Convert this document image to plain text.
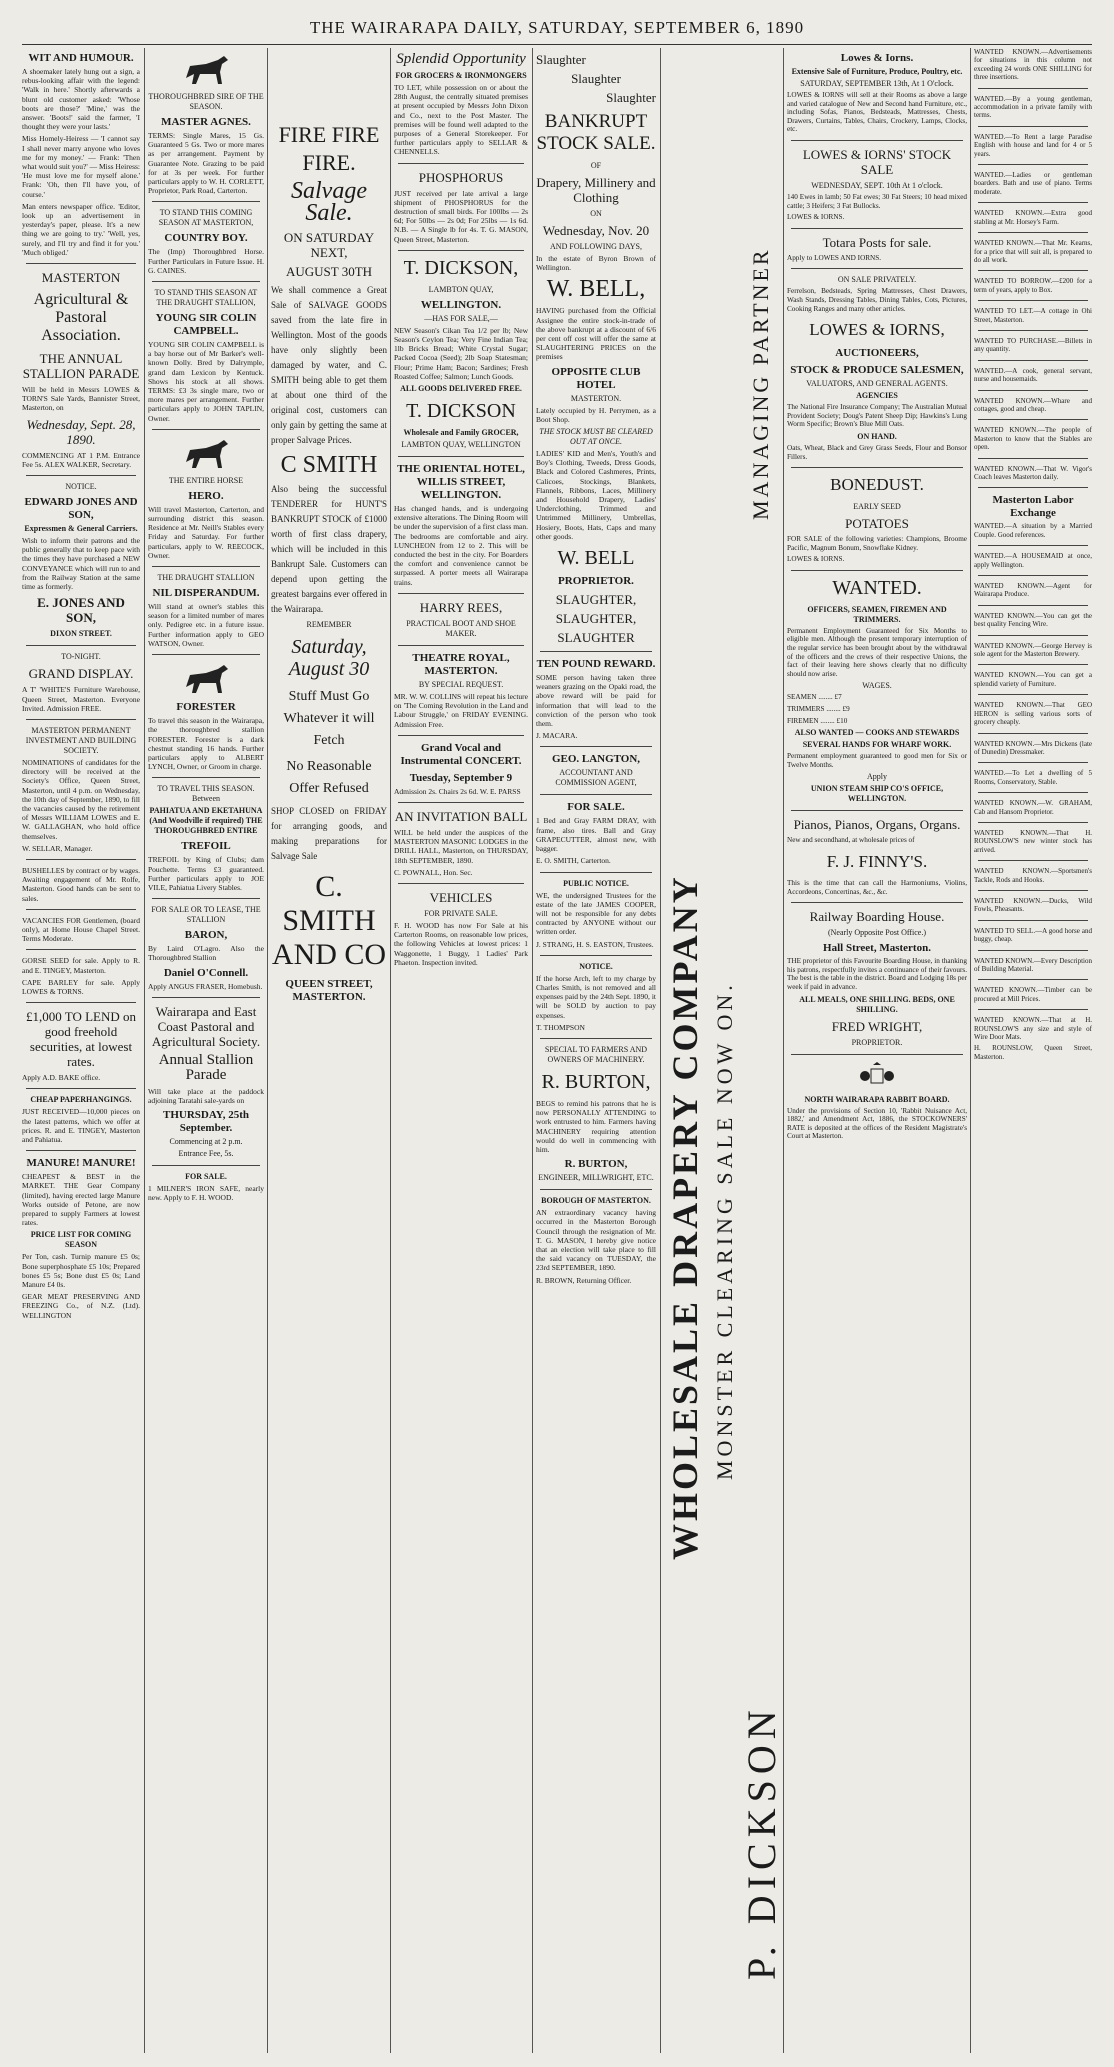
THE WAIRARAPA DAILY, SATURDAY, SEPTEMBER 6, 1890
WIT AND HUMOUR.

A shoemaker lately hung out a sign, a rebus-looking affair with the legend: 'Walk in here.' Shortly afterwards a blunt old customer asked: 'Whose boots are those?' 'Mine,' was the answer. 'Boots!' said the farmer, 'I thought they were your lasts.'

Miss Homely-Heiress — 'I cannot say I shall never marry anyone who loves me for my money.' — Frank: 'Then what would suit you?' — Miss Heiress: 'He must love me for myself alone.' Frank: 'Oh, then I'll have you, of course.'

Man enters newspaper office. 'Editor, look up an advertisement in yesterday's paper, please. It's a new thing we are going to try.' 'Well, yes, surely, and I'll try and find it for you.' 'Much obliged.'

MASTERTON
Agricultural & Pastoral Association.
THE ANNUAL STALLION PARADE

Will be held in Messrs LOWES & TORN'S Sale Yards, Bannister Street, Masterton, on

Wednesday, Sept. 28, 1890.

COMMENCING AT 1 P.M. Entrance Fee 5s. ALEX WALKER, Secretary.

NOTICE.
EDWARD JONES AND SON,
Expressmen & General Carriers.

Wish to inform their patrons and the public generally that to keep pace with the times they have purchased a NEW CONVEYANCE which will run to and from the Railway Station at the same time as formerly.

E. JONES AND SON,
DIXON STREET.
TO-NIGHT.
GRAND DISPLAY.

A T' 'WHITE'S Furniture Warehouse, Queen Street, Masterton. Everyone Invited. Admission FREE.

MASTERTON PERMANENT INVESTMENT AND BUILDING SOCIETY.

NOMINATIONS of candidates for the directory will be received at the Society's Office, Queen Street, Masterton, until 4 p.m. on Wednesday, the 10th day of September, 1890, to fill the vacancies caused by the retirement of Messrs WILLIAM LOWES and E. W. GALLAGHAN, who hold office themselves.

W. SELLAR, Manager.

BUSHELLES by contract or by wages. Awaiting engagement of Mr. Rolfe, Masterton. Good hands can be sent to sales.

VACANCIES FOR Gentlemen, (board only), at Home House Chapel Street. Terms Moderate.

GORSE SEED for sale. Apply to R. and E. TINGEY, Masterton.

CAPE BARLEY for sale. Apply LOWES & TORNS.

£1,000 TO LEND on good freehold securities, at lowest rates.

Apply A.D. BAKE office.

CHEAP PAPERHANGINGS.

JUST RECEIVED—10,000 pieces on the latest patterns, which we offer at prices. R. and E. TINGEY, Masterton and Pahiatua.

MANURE! MANURE!

CHEAPEST & BEST in the MARKET. THE Gear Company (limited), having erected large Manure Works outside of Petone, are now prepared to supply Farmers at lowest rates.

PRICE LIST FOR COMING SEASON

Per Ton, cash. Turnip manure £5 0s; Bone superphosphate £5 10s; Prepared bones £5 5s; Bone dust £5 0s; Land Manure £4 0s.

GEAR MEAT PRESERVING AND FREEZING Co., of N.Z. (Ltd). WELLINGTON

THOROUGHBRED SIRE OF THE SEASON.
MASTER AGNES.

TERMS: Single Mares, 15 Gs. Guaranteed 5 Gs. Two or more mares as per arrangement. Payment by Guarantee Note. Grazing to be paid for at 3s per week. For further particulars apply to W. H. CORLETT, Proprietor, Park Road, Carterton.

TO STAND THIS COMING SEASON AT MASTERTON,
COUNTRY BOY.

The (Imp) Thoroughbred Horse. Further Particulars in Future Issue. H. G. CAINES.

TO STAND THIS SEASON AT THE DRAUGHT STALLION,
YOUNG SIR COLIN CAMPBELL.

YOUNG SIR COLIN CAMPBELL is a bay horse out of Mr Barker's well-known Dolly. Bred by Dalrymple, grand dam Lexicon by Kentuck. Shows his stock at all shows. TERMS: £3 3s single mare, two or more mares per arrangement. Further particulars apply to JOHN TAPLIN, Owner.

THE ENTIRE HORSE
HERO.

Will travel Masterton, Carterton, and surrounding district this season. Residence at Mr. Neill's Stables every Friday and Saturday. For further particulars, apply to W. REECOCK, Owner.

THE DRAUGHT STALLION
NIL DISPERANDUM.

Will stand at owner's stables this season for a limited number of mares only. Pedigree etc. in a future issue. Further information apply to GEO WATSON, Owner.

FORESTER

To travel this season in the Wairarapa, the thoroughbred stallion FORESTER. Forester is a dark chestnut standing 16 hands. Further particulars apply to ALBERT LYNCH, Owner, or Groom in charge.

TO TRAVEL THIS SEASON. Between
PAHIATUA AND EKETAHUNA (And Woodville if required) THE THOROUGHBRED ENTIRE
TREFOIL

TREFOIL by King of Clubs; dam Pouchette. Terms £3 guaranteed. Further particulars apply to JOE VILE, Pahiatua Livery Stables.

FOR SALE OR TO LEASE, THE STALLION
BARON,

By Laird O'Lagro. Also the Thoroughbred Stallion

Daniel O'Connell.

Apply ANGUS FRASER, Homebush.

Wairarapa and East Coast Pastoral and Agricultural Society.
Annual Stallion Parade

Will take place at the paddock adjoining Taratahi sale-yards on

THURSDAY, 25th September.
Commencing at 2 p.m.
Entrance Fee, 5s.
FOR SALE.

1 MILNER'S IRON SAFE, nearly new. Apply to F. H. WOOD.

FIRE FIRE
FIRE.
Salvage Sale.
ON SATURDAY NEXT,
AUGUST 30TH

We shall commence a Great Sale of SALVAGE GOODS saved from the late fire in Wellington. Most of the goods have only slightly been damaged by water, and C. SMITH being able to get them at about one third of the original cost, customers can only gain by getting the same at proper Salvage Prices.

C SMITH

Also being the successful TENDERER for HUNT'S BANKRUPT STOCK of £1000 worth of first class drapery, which will be included in this Bankrupt Sale. Customers can depend upon getting the greatest bargains ever offered in the Wairarapa.

REMEMBER
Saturday, August 30
Stuff Must Go Whatever it will Fetch
No Reasonable Offer Refused

SHOP CLOSED on FRIDAY for arranging goods, and making preparations for Salvage Sale

C. SMITH AND CO
QUEEN STREET, MASTERTON.
Splendid Opportunity
FOR GROCERS & IRONMONGERS

TO LET, while possession on or about the 28th August, the centrally situated premises at present occupied by Messrs John Dixon and Co., next to the Post Master. The premises will be found well adapted to the purposes of a General Storekeeper. For further particulars apply to SELLAR & CHENNELLS.

PHOSPHORUS

JUST received per late arrival a large shipment of PHOSPHORUS for the destruction of small birds. For 100lbs — 2s 6d; For 50lbs — 2s 0d; For 25lbs — 1s 6d. N.B. — A Single lb for 4s. T. G. MASON, Queen Street, Masterton.

T. DICKSON,
LAMBTON QUAY,
WELLINGTON.
—HAS FOR SALE,—

NEW Season's Cikan Tea 1/2 per lb; New Season's Ceylon Tea; Very Fine Indian Tea; 1lb Bricks Bread; White Crystal Sugar; Packed Cocoa (Seed); 2lb Soap Statesman; Flour; Prime Ham; Bacon; Sardines; Fresh Roasted Coffee; Salmon; Lunch Goods.

ALL GOODS DELIVERED FREE.
T. DICKSON
Wholesale and Family GROCER,
LAMBTON QUAY, WELLINGTON
THE ORIENTAL HOTEL, WILLIS STREET, WELLINGTON.

Has changed hands, and is undergoing extensive alterations. The Dining Room will be under the supervision of a first class man. The bedrooms are comfortable and airy. LUNCHEON from 12 to 2. This will be conducted the best in the city. For Boarders the comfort and convenience cannot be surpassed. A porter meets all Wairarapa trains.

HARRY REES,
PRACTICAL BOOT AND SHOE MAKER.
THEATRE ROYAL, MASTERTON.
BY SPECIAL REQUEST.

MR. W. W. COLLINS will repeat his lecture on 'The Coming Revolution in the Land and Labour Struggle,' on FRIDAY EVENING. Admission Free.

Grand Vocal and Instrumental CONCERT.
Tuesday, September 9

Admission 2s. Chairs 2s 6d. W. E. PARSS

AN INVITATION BALL

WILL be held under the auspices of the MASTERTON MASONIC LODGES in the DRILL HALL, Masterton, on THURSDAY, 18th SEPTEMBER, 1890.

C. POWNALL, Hon. Sec.

VEHICLES
FOR PRIVATE SALE.

F. H. WOOD has now For Sale at his Carterton Rooms, on reasonable low prices, the following Vehicles at lowest prices: 1 Waggonette, 1 Buggy, 1 Ladies' Park Phaeton. Inspection invited.

Slaughter
Slaughter
Slaughter
BANKRUPT STOCK SALE.
OF
Drapery, Millinery and Clothing
ON
Wednesday, Nov. 20
AND FOLLOWING DAYS,

In the estate of Byron Brown of Wellington.

W. BELL,

HAVING purchased from the Official Assignee the entire stock-in-trade of the above bankrupt at a discount of 6/6 per cent off cost will offer the same at SLAUGHTERING PRICES on the premises

OPPOSITE CLUB HOTEL
MASTERTON.

Lately occupied by H. Perrymen, as a Boot Shop.

THE STOCK MUST BE CLEARED OUT AT ONCE.

LADIES' KID and Men's, Youth's and Boy's Clothing, Tweeds, Dress Goods, Black and Colored Cashmeres, Prints, Calicoes, Stockings, Blankets, Flannels, Ribbons, Laces, Millinery and Household Drapery, Ladies' Underclothing, Trimmed and Untrimmed Millinery, Umbrellas, Hosiery, Boots, Hats, Caps and many other goods.

W. BELL
PROPRIETOR.
SLAUGHTER,
SLAUGHTER,
SLAUGHTER
TEN POUND REWARD.

SOME person having taken three weaners grazing on the Opaki road, the above reward will be paid for information that will lead to the conviction of the person who took them.

J. MACARA.

GEO. LANGTON,
ACCOUNTANT AND COMMISSION AGENT,
FOR SALE.

1 Bed and Gray FARM DRAY, with frame, also tires. Ball and Gray GRAPECUTTER, almost new, with bagger.

E. O. SMITH, Carterton.

PUBLIC NOTICE.

WE, the undersigned Trustees for the estate of the late JAMES COOPER, will not be responsible for any debts contracted by ANYONE without our written order.

J. STRANG, H. S. EASTON, Trustees.

NOTICE.

If the horse Arch, left to my charge by Charles Smith, is not removed and all expenses paid by the 24th Sept. 1890, it will be SOLD by auction to pay expenses.

T. THOMPSON

SPECIAL TO FARMERS AND OWNERS OF MACHINERY.
R. BURTON,

BEGS to remind his patrons that he is now PERSONALLY ATTENDING to work entrusted to him. Farmers having MACHINERY requiring attention would do well in commencing with him.

R. BURTON,
ENGINEER, MILLWRIGHT, ETC.
BOROUGH OF MASTERTON.

AN extraordinary vacancy having occurred in the Masterton Borough Council through the resignation of Mr. T. G. MASON, I hereby give notice that an election will take place to fill the said vacancy on TUESDAY, the 23rd SEPTEMBER, 1890.

R. BROWN, Returning Officer. WHOLESALE DRAPERY COMPANY MONSTER CLEARING SALE NOW ON.
P. DICKSON
MANAGING PARTNER
Lowes & Iorns.
Extensive Sale of Furniture, Produce, Poultry, etc.
SATURDAY, SEPTEMBER 13th, At 1 O'clock.

LOWES & IORNS will sell at their Rooms as above a large and varied catalogue of New and Second hand Furniture, etc., including Sofas, Pianos, Bedsteads, Mattresses, Chests, Drawers, Curtains, Tables, Chairs, Crockery, Lamps, Clocks, etc.

LOWES & IORNS' STOCK SALE
WEDNESDAY, SEPT. 10th At 1 o'clock.

140 Ewes in lamb; 50 Fat ewes; 30 Fat Steers; 10 head mixed cattle; 3 Heifers; 3 Fat Bullocks.

LOWES & IORNS.

Totara Posts for sale.

Apply to LOWES AND IORNS.

ON SALE PRIVATELY.

Ferrelson, Bedsteads, Spring Mattresses, Chest Drawers, Wash Stands, Dressing Tables, Dining Tables, Cots, Pictures, Cooking Ranges and many other articles.

LOWES & IORNS,
AUCTIONEERS,
STOCK & PRODUCE SALESMEN,
VALUATORS, AND GENERAL AGENTS.
AGENCIES

The National Fire Insurance Company; The Australian Mutual Provident Society; Doug's Patent Sheep Dip; Hawkins's Lung Worm Specific; Brown's Blue Mill Oats.

ON HAND.

Oats, Wheat, Black and Grey Grass Seeds, Flour and Bonsor Fillers.

BONEDUST.
EARLY SEED
POTATOES

FOR SALE of the following varieties: Champions, Broome Pacific, Magnum Bonum, Snowflake Kidney.

LOWES & IORNS.

WANTED.
OFFICERS, SEAMEN, FIREMEN AND TRIMMERS.

Permanent Employment Guaranteed for Six Months to eligible men. Although the present temporary interruption of the regular service has been brought about by the withdrawal of the officers and the crews of their respective Unions, the fact of their leaving here shows clearly that no difficulty should now arise.

WAGES.

SEAMEN ........ £7

TRIMMERS ........ £9

FIREMEN ........ £10

ALSO WANTED — COOKS AND STEWARDS
SEVERAL HANDS FOR WHARF WORK.

Permanent employment guaranteed to good men for Six or Twelve Months.

Apply
UNION STEAM SHIP CO'S OFFICE, WELLINGTON.
Pianos, Pianos, Organs, Organs.

New and secondhand, at wholesale prices of

F. J. FINNY'S.

This is the time that can call the Harmoniums, Violins, Accordeons, Concertinas, &c., &c.

Railway Boarding House.
(Nearly Opposite Post Office.)
Hall Street, Masterton.

THE proprietor of this Favourite Boarding House, in thanking his patrons, respectfully invites a continuance of their favours. The best is the table in the district. Board and Lodging 18s per week if paid in advance.

ALL MEALS, ONE SHILLING. BEDS, ONE SHILLING.
FRED WRIGHT,
PROPRIETOR.
NORTH WAIRARAPA RABBIT BOARD.

Under the provisions of Section 10, 'Rabbit Nuisance Act, 1882,' and Amendment Act, 1886, the STOCKOWNERS' RATE is deposited at the offices of the Resident Magistrate's Court at Masterton.

WANTED KNOWN.—Advertisements for situations in this column not exceeding 24 words ONE SHILLING for three insertions.

WANTED.—By a young gentleman, accommodation in a private family with terms.

WANTED.—To Rent a large Paradise English with house and land for 4 or 5 years.

WANTED.—Ladies or gentleman boarders. Bath and use of piano. Terms moderate.

WANTED KNOWN.—Extra good stabling at Mr. Horsey's Farm.

WANTED KNOWN.—That Mr. Kearns, for a price that will suit all, is prepared to do all work.

WANTED TO BORROW.—£200 for a term of years, apply to Box.

WANTED TO LET.—A cottage in Ohi Street, Masterton.

WANTED TO PURCHASE.—Billets in any quantity.

WANTED.—A cook, general servant, nurse and housemaids.

WANTED KNOWN.—Whare and cottages, good and cheap.

WANTED KNOWN.—The people of Masterton to know that the Stables are open.

WANTED KNOWN.—That W. Vigor's Coach leaves Masterton daily.

Masterton Labor Exchange

WANTED.—A situation by a Married Couple. Good references.

WANTED.—A HOUSEMAID at once, apply Wellington.

WANTED KNOWN.—Agent for Wairarapa Produce.

WANTED KNOWN.—You can get the best quality Fencing Wire.

WANTED KNOWN.—George Hervey is sole agent for the Masterton Brewery.

WANTED KNOWN.—You can get a splendid variety of Furniture.

WANTED KNOWN.—That GEO HERON is selling various sorts of grocery cheaply.

WANTED KNOWN.—Mrs Dickens (late of Dunedin) Dressmaker.

WANTED.—To Let a dwelling of 5 Rooms, Conservatory, Stable.

WANTED KNOWN.—W. GRAHAM, Cab and Hansom Proprietor.

WANTED KNOWN.—That H. ROUNSLOW'S new winter stock has arrived.

WANTED KNOWN.—Sportsmen's Tackle, Rods and Hooks.

WANTED KNOWN.—Ducks, Wild Fowls, Pheasants.

WANTED TO SELL.—A good horse and buggy, cheap.

WANTED KNOWN.—Every Description of Building Material.

WANTED KNOWN.—Timber can be procured at Mill Prices.

WANTED KNOWN.—That at H. ROUNSLOW'S any size and style of Wire Door Mats.

H. ROUNSLOW, Queen Street, Masterton.
